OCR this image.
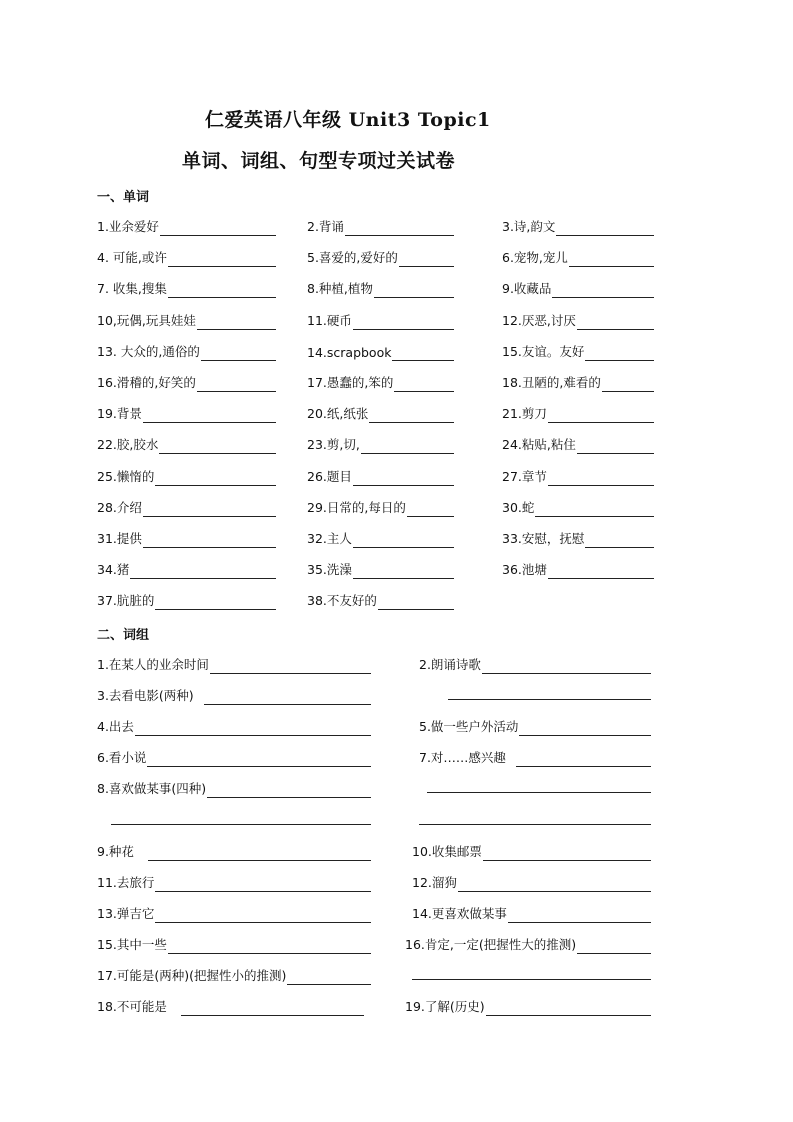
仁爱英语八年级 Unit3 Topic1
单词、词组、句型专项过关试卷
一、单词
1.业余爱好	2.背诵	3.诗,韵文
4. 可能,或许	5.喜爱的,爱好的	6.宠物,宠儿
7. 收集,搜集	8.种植,植物	9.收藏品
10,玩偶,玩具娃娃	11.硬币	12.厌恶,讨厌
13. 大众的,通俗的	14.scrapbook	15.友谊。友好
16.滑稽的,好笑的	17.愚蠢的,笨的	18.丑陋的,难看的
19.背景	20.纸,纸张	21.剪刀
22.胶,胶水	23.剪,切,	24.粘贴,粘住
25.懒惰的	26.题目	27.章节
28.介绍	29.日常的,每日的	30.蛇
31.提供	32.主人	33.安慰，抚慰
34.猪	35.洗澡	36.池塘
37.肮脏的	38.不友好的
二、词组
1.在某人的业余时间	2.朗诵诗歌
3.去看电影(两种)
4.出去	5.做一些户外活动
6.看小说	7.对……感兴趣
8.喜欢做某事(四种)
9.种花	10.收集邮票
11.去旅行	12.溜狗
13.弹吉它	14.更喜欢做某事
15.其中一些	16.肯定,一定(把握性大的推测)
17.可能是(两种)(把握性小的推测)
18.不可能是	19.了解(历史)
